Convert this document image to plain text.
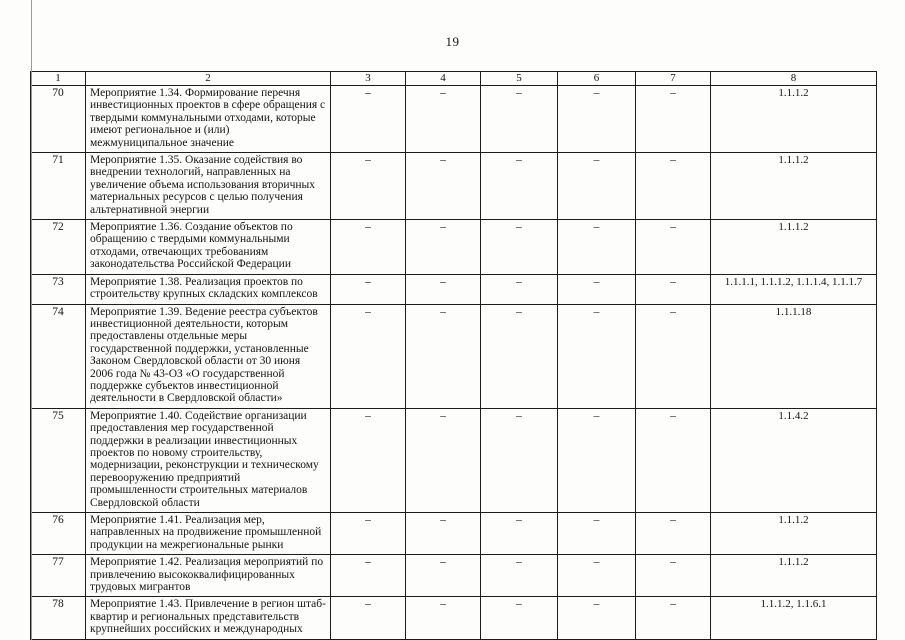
19
1	2	3	4	5	6	7	8
70	Мероприятие 1.34. Формирование перечня инвестиционных проектов в сфере обращения с твердыми коммунальными отходами, которые имеют региональное и (или) межмуниципальное значение	–	–	–	–	–	1.1.1.2
71	Мероприятие 1.35. Оказание содействия во внедрении технологий, направленных на увеличение объема использования вторичных материальных ресурсов с целью получения альтернативной энергии	–	–	–	–	–	1.1.1.2
72	Мероприятие 1.36. Создание объектов по обращению с твердыми коммунальными отходами, отвечающих требованиям законодательства Российской Федерации	–	–	–	–	–	1.1.1.2
73	Мероприятие 1.38. Реализация проектов по строительству крупных складских комплексов	–	–	–	–	–	1.1.1.1, 1.1.1.2, 1.1.1.4, 1.1.1.7
74	Мероприятие 1.39. Ведение реестра субъектов инвестиционной деятельности, которым предоставлены отдельные меры государственной поддержки, установленные Законом Свердловской области от 30 июня 2006 года № 43-ОЗ «О государственной поддержке субъектов инвестиционной деятельности в Свердловской области»	–	–	–	–	–	1.1.1.18
75	Мероприятие 1.40. Содействие организации предоставления мер государственной поддержки в реализации инвестиционных проектов по новому строительству, модернизации, реконструкции и техническому перевооружению предприятий промышленности строительных материалов Свердловской области	–	–	–	–	–	1.1.4.2
76	Мероприятие 1.41. Реализация мер, направленных на продвижение промышленной продукции на межрегиональные рынки	–	–	–	–	–	1.1.1.2
77	Мероприятие 1.42. Реализация мероприятий по привлечению высококвалифицированных трудовых мигрантов	–	–	–	–	–	1.1.1.2
78	Мероприятие 1.43. Привлечение в регион штаб-квартир и региональных представительств крупнейших российских и международных	–	–	–	–	–	1.1.1.2, 1.1.6.1
